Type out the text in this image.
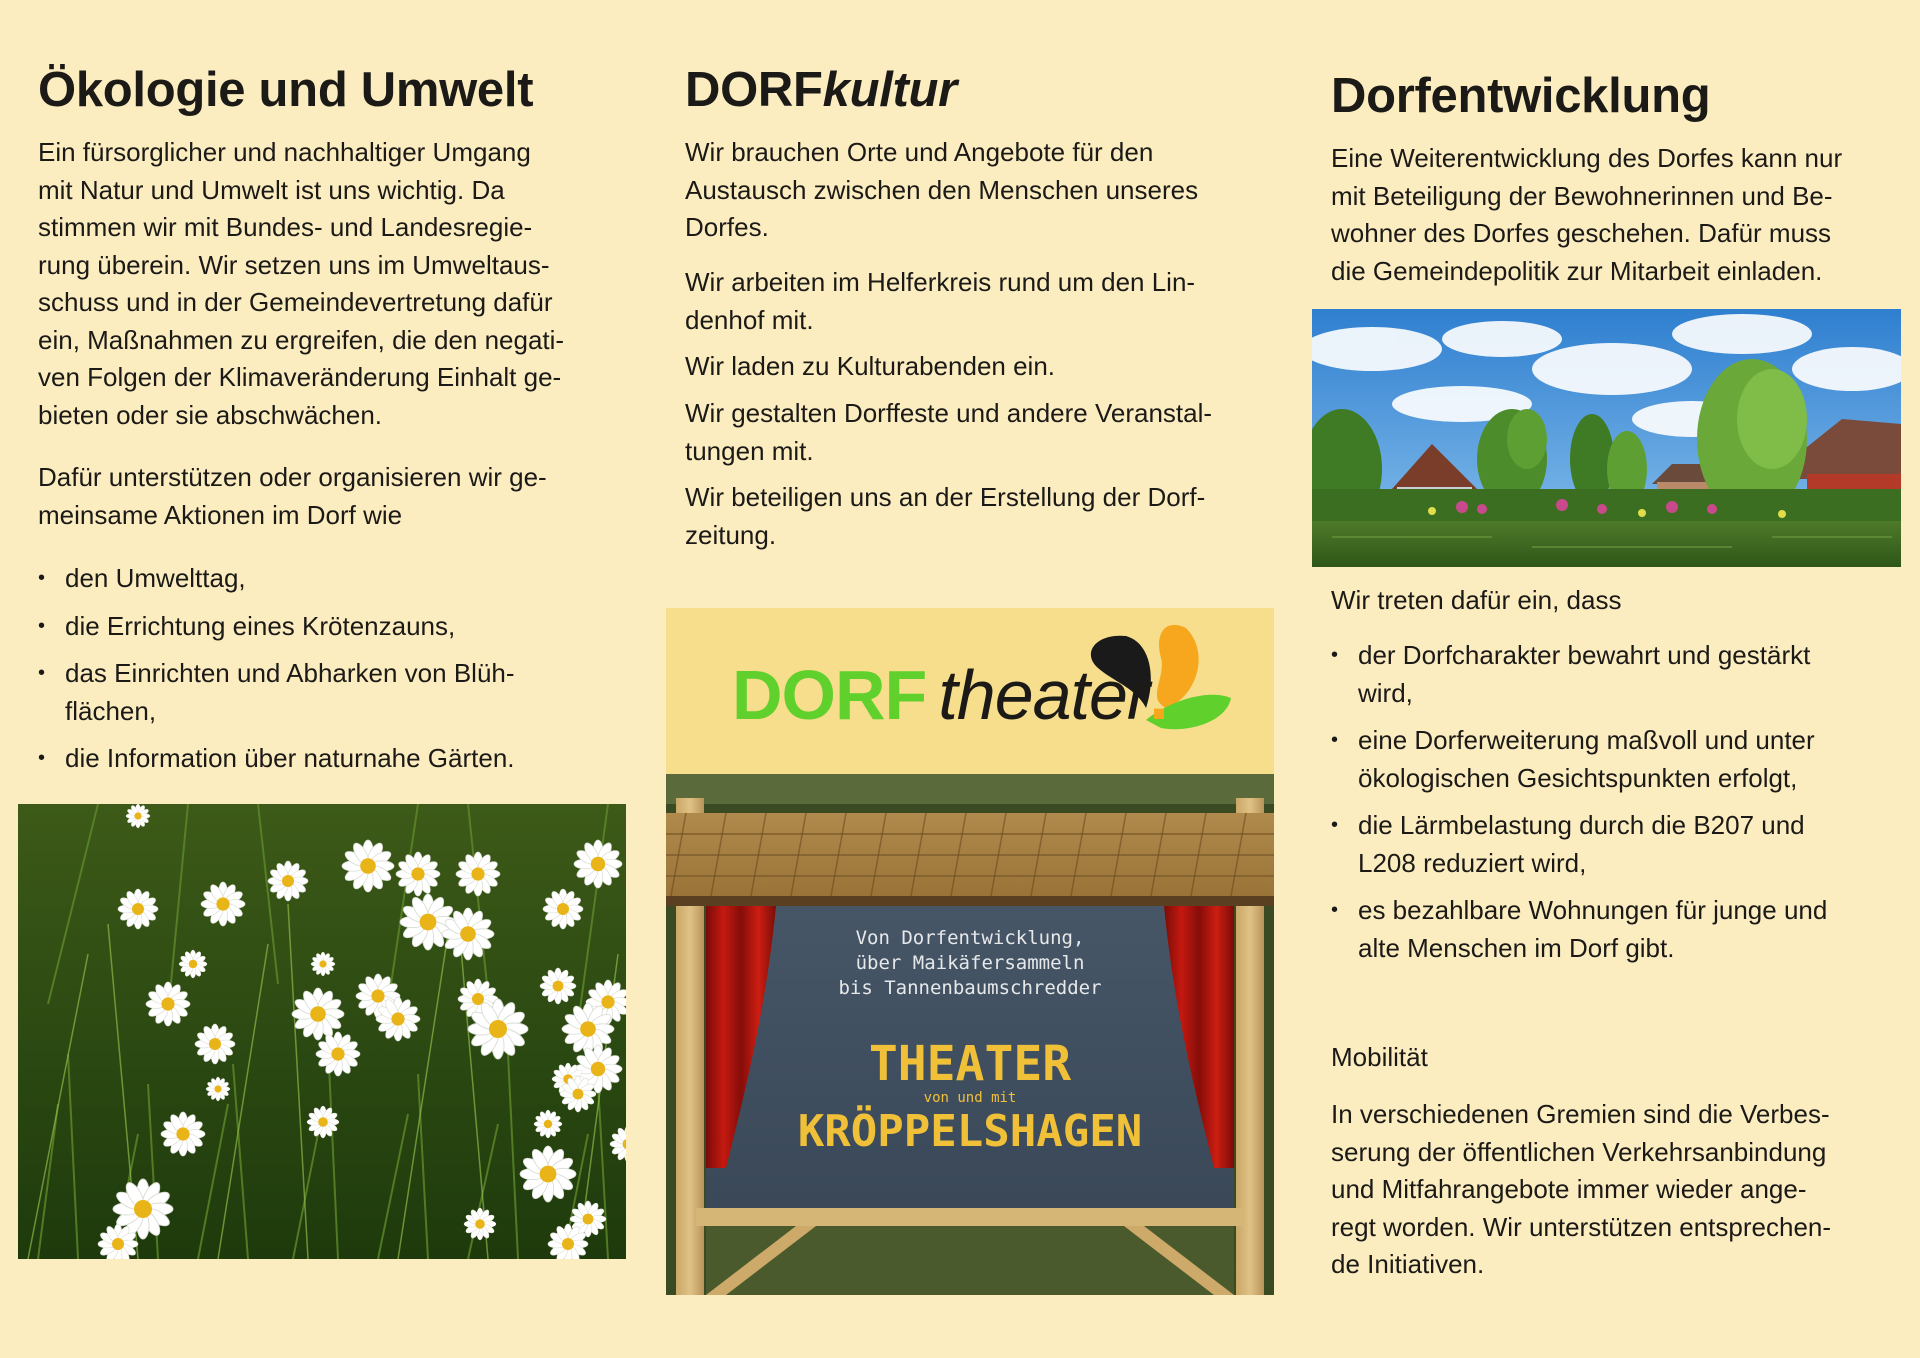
Ökologie und Umwelt
Ein fürsorglicher und nachhaltiger Umgang
mit Natur und Umwelt ist uns wichtig. Da
stimmen wir mit Bundes- und Landesregie-
rung überein. Wir setzen uns im Umweltaus-
schuss und in der Gemeindevertretung dafür
ein, Maßnahmen zu ergreifen, die den negati-
ven Folgen der Klimaveränderung Einhalt ge-
bieten oder sie abschwächen.
Dafür unterstützen oder organisieren wir ge-
meinsame Aktionen im Dorf wie
• den Umwelttag,
• die Errichtung eines Krötenzauns,
• das Einrichten und Abharken von Blüh-
flächen,
• die Information über naturnahe Gärten.
DORFkultur
Wir brauchen Orte und Angebote für den
Austausch zwischen den Menschen unseres
Dorfes.
Wir arbeiten im Helferkreis rund um den Lin-
denhof mit.
Wir laden zu Kulturabenden ein.
Wir gestalten Dorffeste und andere Veranstal-
tungen mit.
Wir beteiligen uns an der Erstellung der Dorf-
zeitung.
DORF theater.
Von Dorfentwicklung,
über Maikäfersammeln
bis Tannenbaumschredder
THEATER
von und mit
KRÖPPELSHAGEN
Dorfentwicklung
Eine Weiterentwicklung des Dorfes kann nur
mit Beteiligung der Bewohnerinnen und Be-
wohner des Dorfes geschehen. Dafür muss
die Gemeindepolitik zur Mitarbeit einladen.
Wir treten dafür ein, dass
• der Dorfcharakter bewahrt und gestärkt
wird,
• eine Dorferweiterung maßvoll und unter
ökologischen Gesichtspunkten erfolgt,
• die Lärmbelastung durch die B207 und
L208 reduziert wird,
• es bezahlbare Wohnungen für junge und
alte Menschen im Dorf gibt.
Mobilität
In verschiedenen Gremien sind die Verbes-
serung der öffentlichen Verkehrsanbindung
und Mitfahrangebote immer wieder ange-
regt worden. Wir unterstützen entsprechen-
de Initiativen.
